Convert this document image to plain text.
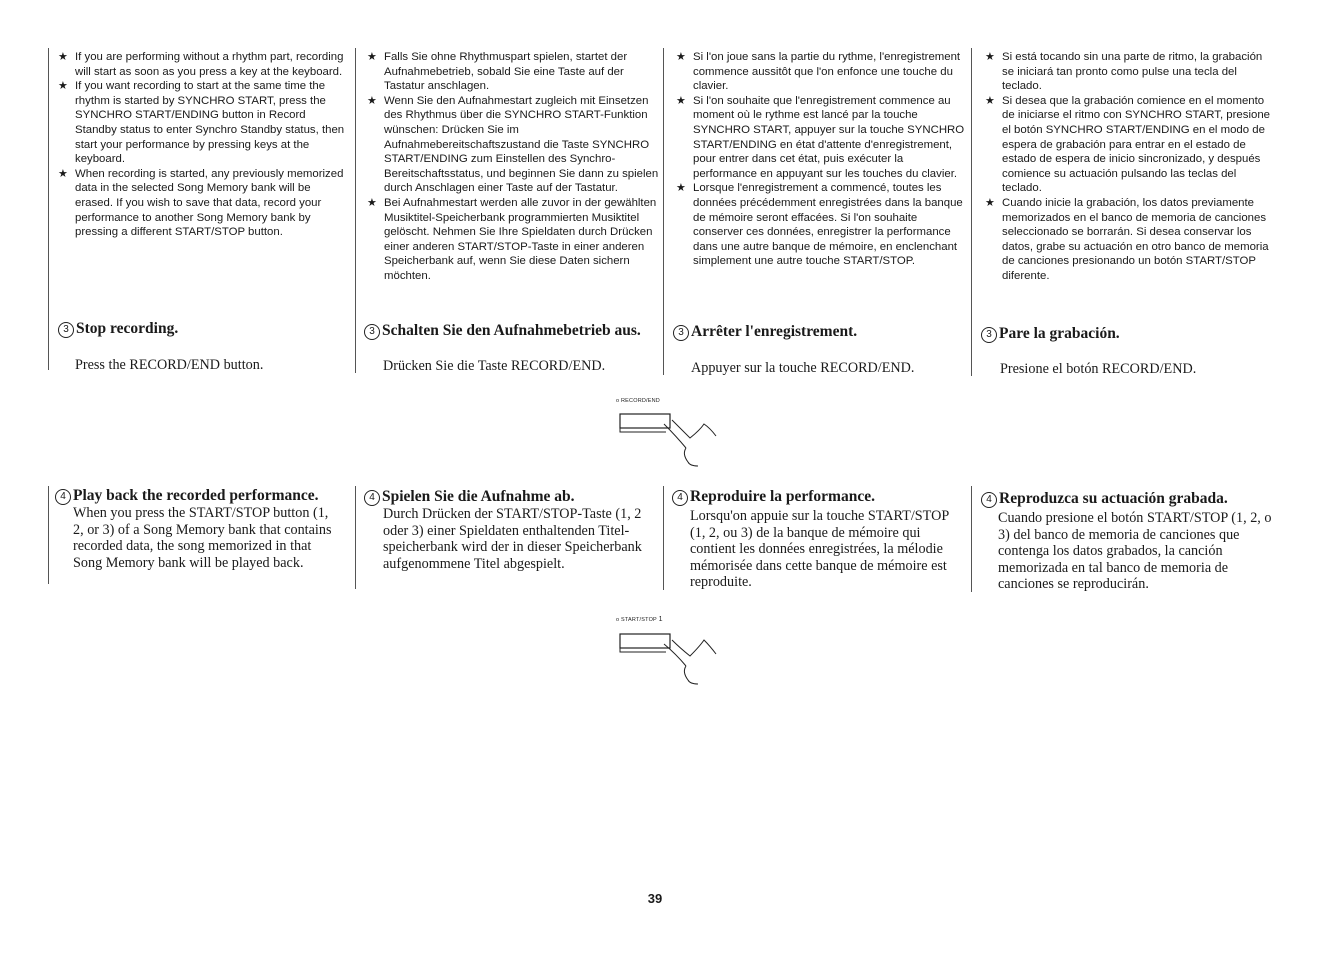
★ If you are performing without a rhythm part, recording will start as soon as you press a key at the keyboard.
★ If you want recording to start at the same time the rhythm is started by SYNCHRO START, press the SYNCHRO START/ENDING button in Record Standby status to enter Synchro Standby status, then start your performance by pressing keys at the keyboard.
★ When recording is started, any previously memorized data in the selected Song Memory bank will be erased. If you wish to save that data, record your performance to another Song Memory bank by pressing a different START/STOP button.
3 Stop recording.
Press the RECORD/END button.
4 Play back the recorded performance.
When you press the START/STOP button (1, 2, or 3) of a Song Memory bank that contains recorded data, the song memorized in that Song Memory bank will be played back.
★ Falls Sie ohne Rhythmuspart spielen, startet der Aufnahmebetrieb, sobald Sie eine Taste auf der Tastatur anschlagen.
★ Wenn Sie den Aufnahmestart zugleich mit Einsetzen des Rhythmus über die SYNCHRO START-Funktion wünschen: Drücken Sie im Aufnahmebereitschaftszustand die Taste SYNCHRO START/ENDING zum Einstellen des Synchro-Bereitschaftsstatus, und beginnen Sie dann zu spielen durch Anschlagen einer Taste auf der Tastatur.
★ Bei Aufnahmestart werden alle zuvor in der gewählten Musiktitel-Speicherbank programmierten Musiktitel gelöscht. Nehmen Sie Ihre Spieldaten durch Drücken einer anderen START/STOP-Taste in einer anderen Speicherbank auf, wenn Sie diese Daten sichern möchten.
3 Schalten Sie den Aufnahmebetrieb aus.
Drücken Sie die Taste RECORD/END.
4 Spielen Sie die Aufnahme ab.
Durch Drücken der START/STOP-Taste (1, 2 oder 3) einer Spieldaten enthaltenden Titel-speicherbank wird der in dieser Speicherbank aufgenommene Titel abgespielt.
★ Si l'on joue sans la partie du rythme, l'enregistrement commence aussitôt que l'on enfonce une touche du clavier.
★ Si l'on souhaite que l'enregistrement commence au moment où le rythme est lancé par la touche SYNCHRO START, appuyer sur la touche SYNCHRO START/ENDING en état d'attente d'enregistrement, pour entrer dans cet état, puis exécuter la performance en appuyant sur les touches du clavier.
★ Lorsque l'enregistrement a commencé, toutes les données précédemment enregistrées dans la banque de mémoire seront effacées. Si l'on souhaite conserver ces données, enregistrer la performance dans une autre banque de mémoire, en enclenchant simplement une autre touche START/STOP.
3 Arrêter l'enregistrement.
Appuyer sur la touche RECORD/END.
4 Reproduire la performance.
Lorsqu'on appuie sur la touche START/STOP (1, 2, ou 3) de la banque de mémoire qui contient les données enregistrées, la mélodie mémorisée dans cette banque de mémoire est reproduite.
★ Si está tocando sin una parte de ritmo, la grabación se iniciará tan pronto como pulse una tecla del teclado.
★ Si desea que la grabación comience en el momento de iniciarse el ritmo con SYNCHRO START, presione el botón SYNCHRO START/ENDING en el modo de espera de grabación para entrar en el estado de estado de espera de inicio sincronizado, y después comience su actuación pulsando las teclas del teclado.
★ Cuando inicie la grabación, los datos previamente memorizados en el banco de memoria de canciones seleccionado se borrarán. Si desea conservar los datos, grabe su actuación en otro banco de memoria de canciones presionando un botón START/STOP diferente.
3 Pare la grabación.
Presione el botón RECORD/END.
4 Reproduzca su actuación grabada.
Cuando presione el botón START/STOP (1, 2, o 3) del banco de memoria de canciones que contenga los datos grabados, la canción memorizada en tal banco de memoria de canciones se reproducirán.
o RECORD/END
o START/STOP 1
39
